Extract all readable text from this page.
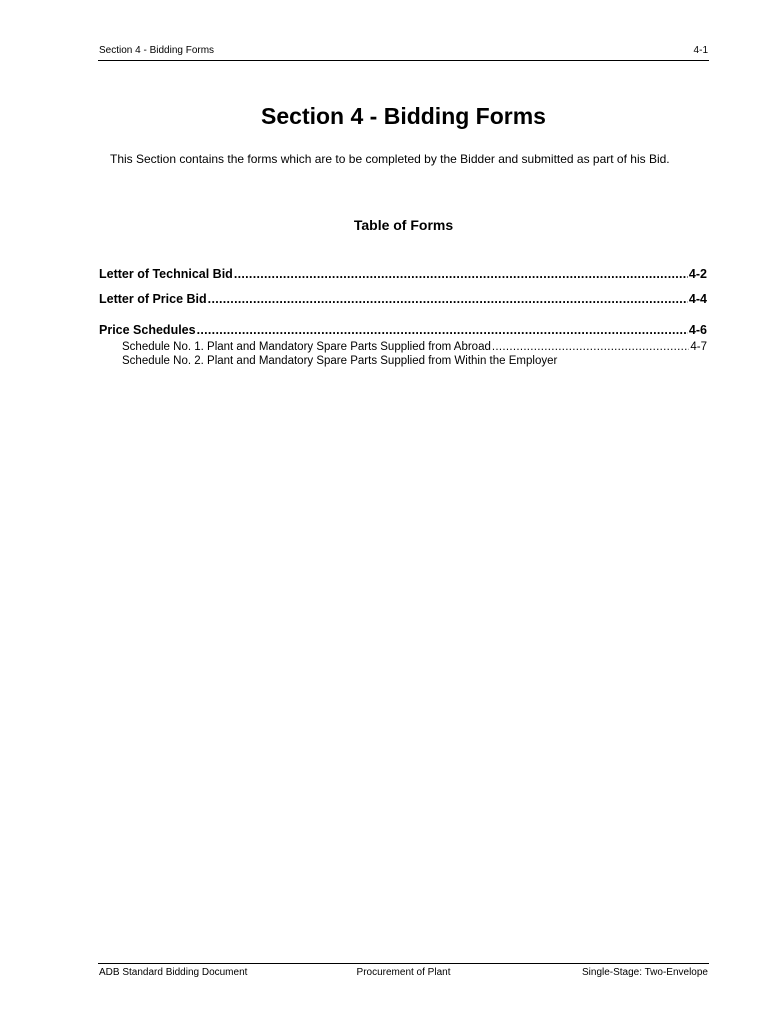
Section 4 - Bidding Forms	4-1
Section 4 - Bidding Forms
This Section contains the forms which are to be completed by the Bidder and submitted as part of his Bid.
Table of Forms
Letter of Technical Bid .....	4-2
Letter of Price Bid .....	4-4
Price Schedules .....	4-6
Schedule No. 1. Plant and Mandatory Spare Parts Supplied from Abroad .....	4-7
Schedule No. 2. Plant and Mandatory Spare Parts Supplied from Within the Employer
ADB Standard Bidding Document	Procurement of Plant	Single-Stage: Two-Envelope
